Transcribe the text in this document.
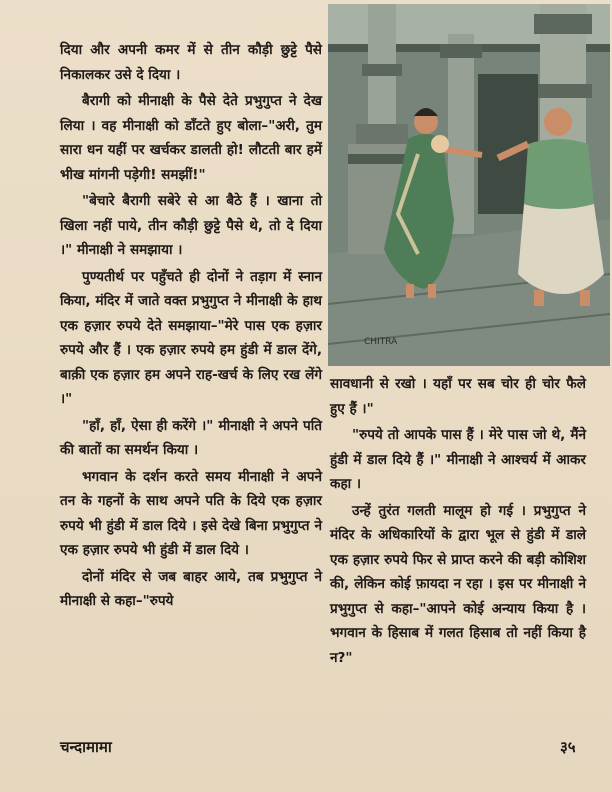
दिया और अपनी कमर में से तीन कौड़ी छुट्टे पैसे निकालकर उसे दे दिया ।

बैरागी को मीनाक्षी के पैसे देते प्रभुगुप्त ने देख लिया । वह मीनाक्षी को डाँटते हुए बोला–"अरी, तुम सारा धन यहीं पर खर्चकर डालती हो! लौटती बार हमें भीख मांगनी पड़ेगी! समझीं!"

"बेचारे बैरागी सबेरे से आ बैठे हैं । खाना तो खिला नहीं पाये, तीन कौड़ी छुट्टे पैसे थे, तो दे दिया ।" मीनाक्षी ने समझाया ।

पुण्यतीर्थ पर पहुँचते ही दोनों ने तड़ाग में स्नान किया, मंदिर में जाते वक्त प्रभुगुप्त ने मीनाक्षी के हाथ एक हज़ार रुपये देते समझाया–"मेरे पास एक हज़ार रुपये और हैं । एक हज़ार रुपये हम हुंडी में डाल देंगे, बाक़ी एक हज़ार हम अपने राह-खर्च के लिए रख लेंगे ।"

"हाँ, हाँ, ऐसा ही करेंगे ।" मीनाक्षी ने अपने पति की बातों का समर्थन किया ।

भगवान के दर्शन करते समय मीनाक्षी ने अपने तन के गहनों के साथ अपने पति के दिये एक हज़ार रुपये भी हुंडी में डाल दिये । इसे देखे बिना प्रभुगुप्त ने एक हज़ार रुपये भी हुंडी में डाल दिये ।

दोनों मंदिर से जब बाहर आये, तब प्रभुगुप्त ने मीनाक्षी से कहा–"रुपये

CHITRA

सावधानी से रखो । यहाँ पर सब चोर ही चोर फैले हुए हैं ।"

"रुपये तो आपके पास हैं । मेरे पास जो थे, मैंने हुंडी में डाल दिये हैं ।" मीनाक्षी ने आश्चर्य में आकर कहा ।

उन्हें तुरंत गलती मालूम हो गई । प्रभुगुप्त ने मंदिर के अधिकारियों के द्वारा भूल से हुंडी में डाले एक हज़ार रुपये फिर से प्राप्त करने की बड़ी कोशिश की, लेकिन कोई फ़ायदा न रहा । इस पर मीनाक्षी ने प्रभुगुप्त से कहा–"आपने कोई अन्याय किया है । भगवान के हिसाब में गलत हिसाब तो नहीं किया है न?"

चन्दामामा	३५
